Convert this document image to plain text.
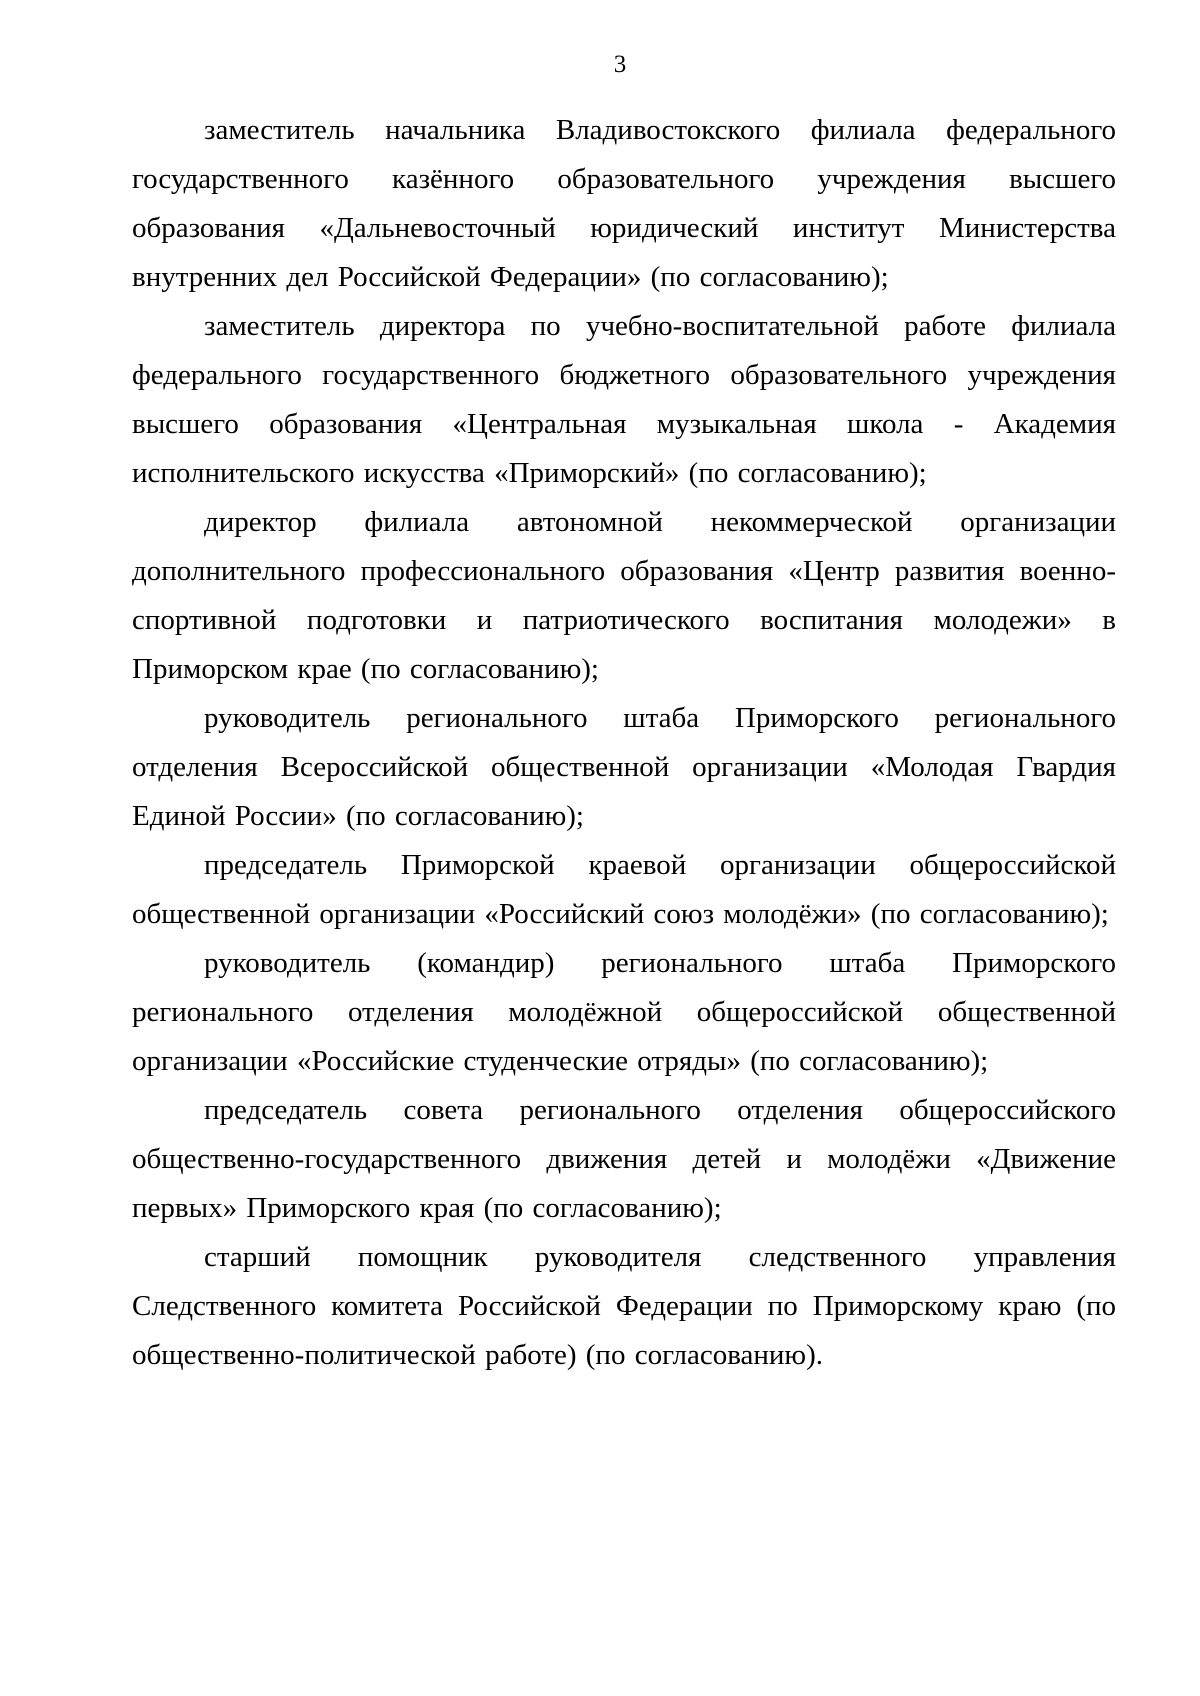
3

заместитель начальника Владивостокского филиала федерального государственного казённого образовательного учреждения высшего образования «Дальневосточный юридический институт Министерства внутренних дел Российской Федерации» (по согласованию);

заместитель директора по учебно-воспитательной работе филиала федерального государственного бюджетного образовательного учреждения высшего образования «Центральная музыкальная школа - Академия исполнительского искусства «Приморский» (по согласованию);

директор филиала автономной некоммерческой организации дополнительного профессионального образования «Центр развития военно-спортивной подготовки и патриотического воспитания молодежи» в Приморском крае (по согласованию);

руководитель регионального штаба Приморского регионального отделения Всероссийской общественной организации «Молодая Гвардия Единой России» (по согласованию);

председатель Приморской краевой организации общероссийской общественной организации «Российский союз молодёжи» (по согласованию);

руководитель (командир) регионального штаба Приморского регионального отделения молодёжной общероссийской общественной организации «Российские студенческие отряды» (по согласованию);

председатель совета регионального отделения общероссийского общественно-государственного движения детей и молодёжи «Движение первых» Приморского края (по согласованию);

старший помощник руководителя следственного управления Следственного комитета Российской Федерации по Приморскому краю (по общественно-политической работе) (по согласованию).
